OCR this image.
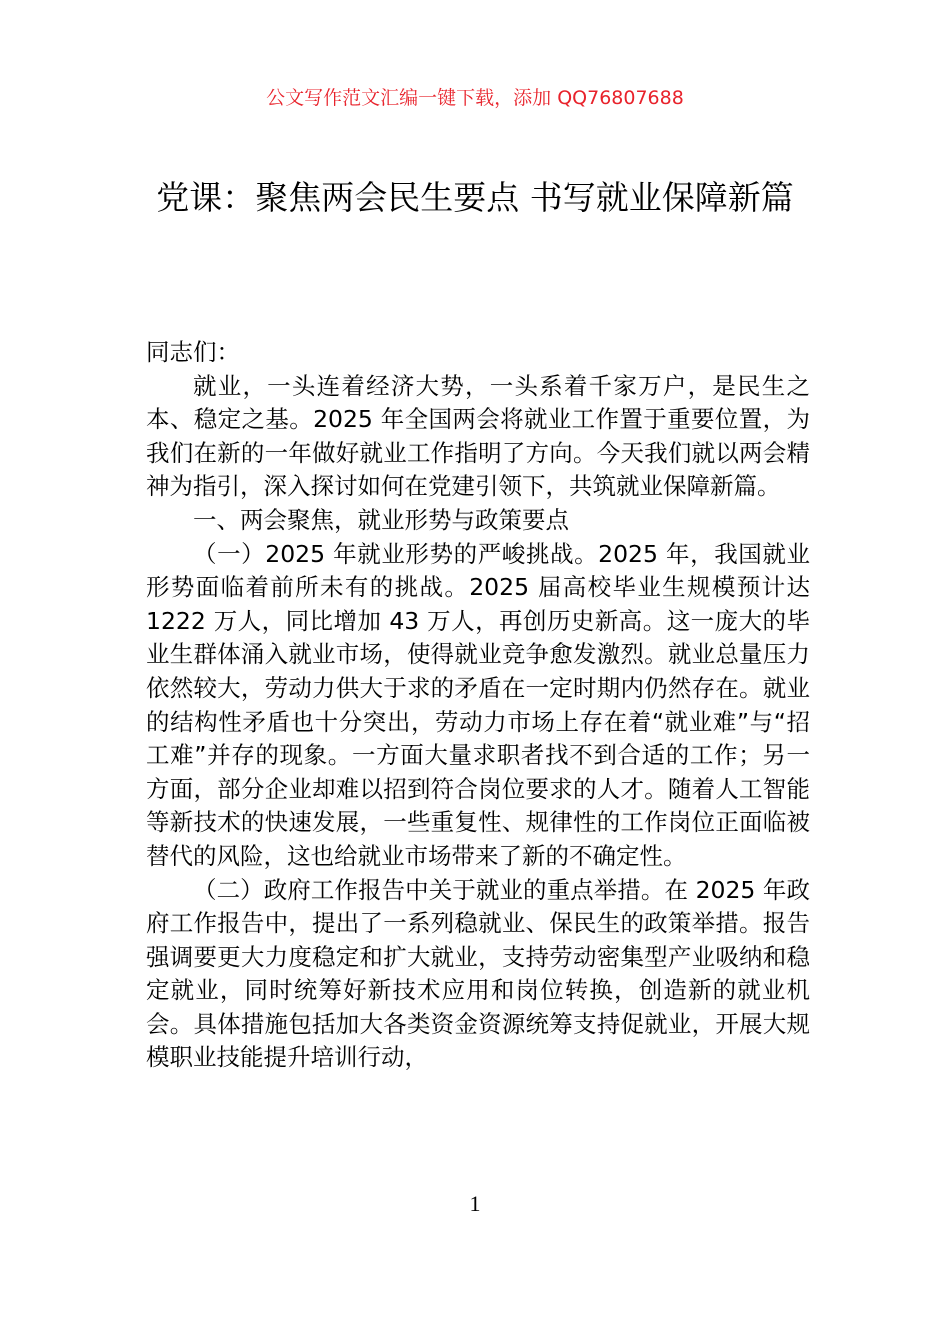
公文写作范文汇编一键下载，添加 QQ76807688
党课：聚焦两会民生要点 书写就业保障新篇

同志们：

就业，一头连着经济大势，一头系着千家万户，是民生之本、稳定之基。2025 年全国两会将就业工作置于重要位置，为我们在新的一年做好就业工作指明了方向。今天我们就以两会精神为指引，深入探讨如何在党建引领下，共筑就业保障新篇。

一、两会聚焦，就业形势与政策要点

（一）2025 年就业形势的严峻挑战。2025 年，我国就业形势面临着前所未有的挑战。2025 届高校毕业生规模预计达 1222 万人，同比增加 43 万人，再创历史新高。这一庞大的毕业生群体涌入就业市场，使得就业竞争愈发激烈。就业总量压力依然较大，劳动力供大于求的矛盾在一定时期内仍然存在。就业的结构性矛盾也十分突出，劳动力市场上存在着“就业难”与“招工难”并存的现象。一方面大量求职者找不到合适的工作；另一方面，部分企业却难以招到符合岗位要求的人才。随着人工智能等新技术的快速发展，一些重复性、规律性的工作岗位正面临被替代的风险，这也给就业市场带来了新的不确定性。

（二）政府工作报告中关于就业的重点举措。在 2025 年政府工作报告中，提出了一系列稳就业、保民生的政策举措。报告强调要更大力度稳定和扩大就业，支持劳动密集型产业吸纳和稳定就业，同时统筹好新技术应用和岗位转换，创造新的就业机会。具体措施包括加大各类资金资源统筹支持促就业，开展大规模职业技能提升培训行动，

1
